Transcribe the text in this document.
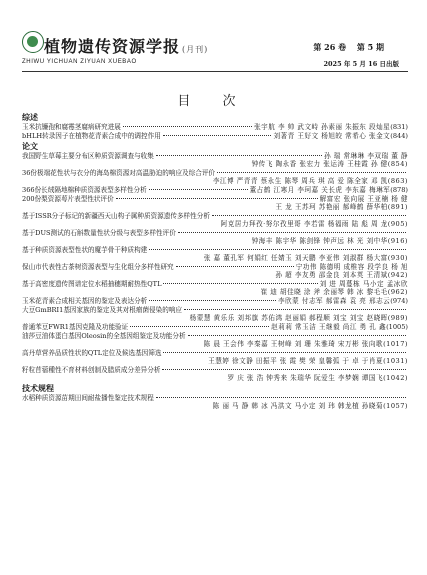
植物遗传资源学报 (月刊)
ZHIWU YICHUAN ZIYUAN XUEBAO
第 26 卷　 第 5 期
2025 年 5 月 16 日出版
目 次
综述
玉米抗镰孢和腐霉茎腐病研究进展	张宇航 李 帅 武文峙 孙素丽 朱振东 段灿星 (831)
bHLH转录因子在植物花青素合成中的调控作用	刘著青 王好文 杨旭皎 常希心 张金文 (844)
论文
我国野生草莓主要分布区种质资源调查与收集	孙 瑞 常琳琳 李双瑞 董 静
钟传飞 陶永香 张宏力 张运涛 王桂霞 孙 健(854)
36份极端花性状与衣分的海岛棉资源对高温胁迫的响应及综合评价
李江博 严青青 蔡永生 陈琴 周兵 琪 高 爱 陈全家 邓 凯(863)
366份长绒隔地棉种质资源表型多样性分析	董占鹤 江寒月 李珂嘉 关长虎 李东嘉 梅琳军 (878)
200份梨资源萼片表型性状评价	解富宏 张向展 王亚楠 杨 健
王 龙 王苏珂 苏艳丽 郝峰鹤 薛华柏(891)
基于ISSR分子标记的新疆西天山构子属种质资源遗传多样性分析
阿克居力拜孜·努尔孜里哥 李若雷 杨福雨 陆 彪 周 龙(905)
基于DUS测试的石斛数量性状分级与表型多样性评价
钟海丰 陈宇华 陈剑锋 钟声远 林 光 刘中华(916)
基于种质资源表型性状的魔芋骨干种质构建
张 嘉 董孔军 何娟红 任婧玉 刘天鹏 李亚伟 刘淑群 杨大富(930)
保山市代表性古茶树资源表型与生化组分多样性研究	宁功伟 陈德明 成椎容 段学良 杨 旭
孙 超 李友勇 邵金良 刘本英 王清斌(942)
基于高密度遗传图谱定位水稻抽穗期耐热性QTL	刘 进 周蔓栋 马小定 孟冰欣
崔 迪 胡佳晓 涂 斧 余丽琴 韩 冰 黎毛毛(962)
玉米花青素合成相关基因的鉴定及表达分析	李欣蒙 付志军 郝雷森 袁 亮 邢志云 (974)
大豆GmBRI1基因家族的鉴定及其对根瘤菌侵染的响应
杨蒙慧 黄乐乐 刘邦旗 苏佑鸿 赵丽娟 郝程顺 刘宝 刘宝 赵晓晖(989)
普通苯豆FWR1基因克隆及功能验证	赵莉莉 常玉洁 王继毅 尚江 勇 孔 鑫 (1005)
油莎豆油体蛋白基因Oleosin的全基因组鉴定及功能分析
陈 晨 王会伟 李秦嘉 王树峰 刘 珊 朱雅琦 宋万彬 张向歌(1017)
高丹草营养品质性状的QTL定位及候选基因筛选
王慧婷 徐文静 田振平 张 霞 樊 荣 皇馨弧 于 卓 于肖夏(1031)
籽粒苜蓿種性不育材料创制及腊质成分差异分析
罗 庆 张 浩 钟秀来 朱瑞华 阮爱生 李梦娴 谭国飞(1042)
技术规程
水稻种质资源苗期田间耐盐播性鉴定技术规程
陈 丽 马 静 韩 冰 冯洪文 马小定 刘 玮 韩龙植 孙晓菊(1057)
